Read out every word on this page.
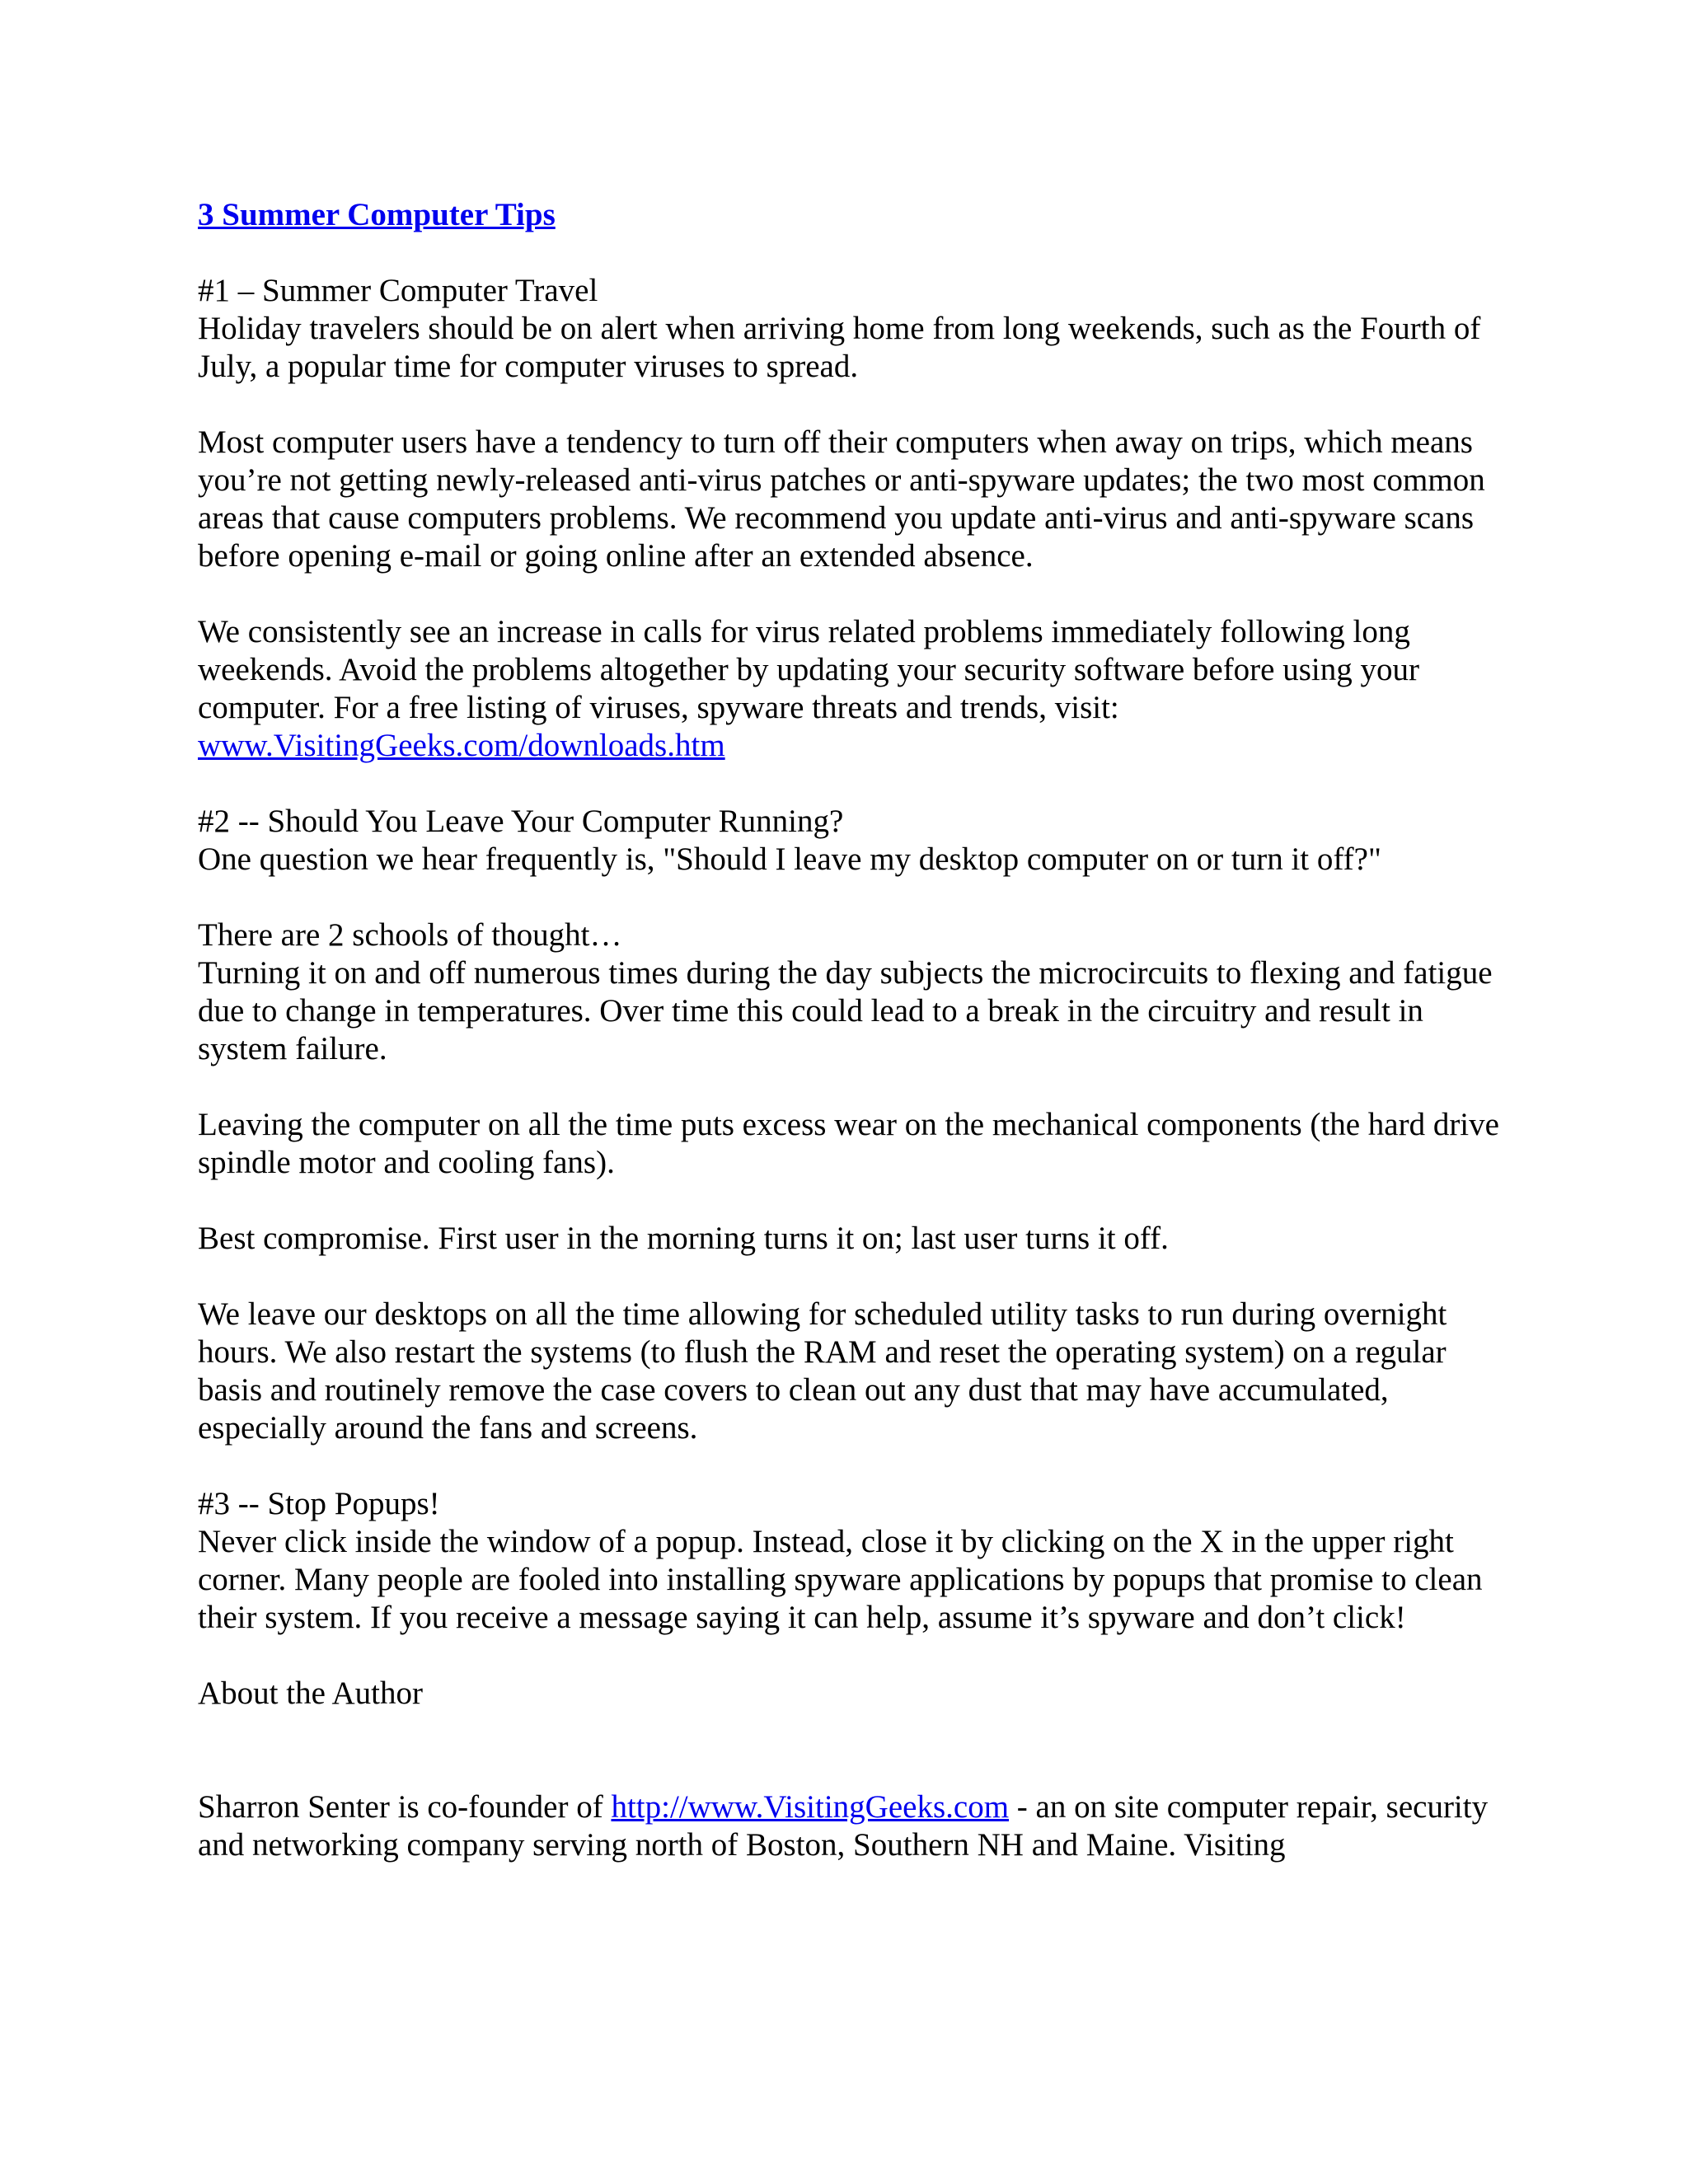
3 Summer Computer Tips
#1 – Summer Computer Travel
Holiday travelers should be on alert when arriving home from long weekends, such as the Fourth of July, a popular time for computer viruses to spread.
Most computer users have a tendency to turn off their computers when away on trips, which means you’re not getting newly-released anti-virus patches or anti-spyware updates; the two most common areas that cause computers problems. We recommend you update anti-virus and anti-spyware scans before opening e-mail or going online after an extended absence.
We consistently see an increase in calls for virus related problems immediately following long weekends. Avoid the problems altogether by updating your security software before using your computer. For a free listing of viruses, spyware threats and trends, visit:
www.VisitingGeeks.com/downloads.htm
#2 -- Should You Leave Your Computer Running?
One question we hear frequently is, "Should I leave my desktop computer on or turn it off?"
There are 2 schools of thought…
Turning it on and off numerous times during the day subjects the microcircuits to flexing and fatigue due to change in temperatures. Over time this could lead to a break in the circuitry and result in system failure.
Leaving the computer on all the time puts excess wear on the mechanical components (the hard drive spindle motor and cooling fans).
Best compromise. First user in the morning turns it on; last user turns it off.
We leave our desktops on all the time allowing for scheduled utility tasks to run during overnight hours. We also restart the systems (to flush the RAM and reset the operating system) on a regular basis and routinely remove the case covers to clean out any dust that may have accumulated, especially around the fans and screens.
#3 -- Stop Popups!
Never click inside the window of a popup. Instead, close it by clicking on the X in the upper right corner. Many people are fooled into installing spyware applications by popups that promise to clean their system. If you receive a message saying it can help, assume it’s spyware and don’t click!
About the Author
Sharron Senter is co-founder of http://www.VisitingGeeks.com - an on site computer repair, security and networking company serving north of Boston, Southern NH and Maine. Visiting
